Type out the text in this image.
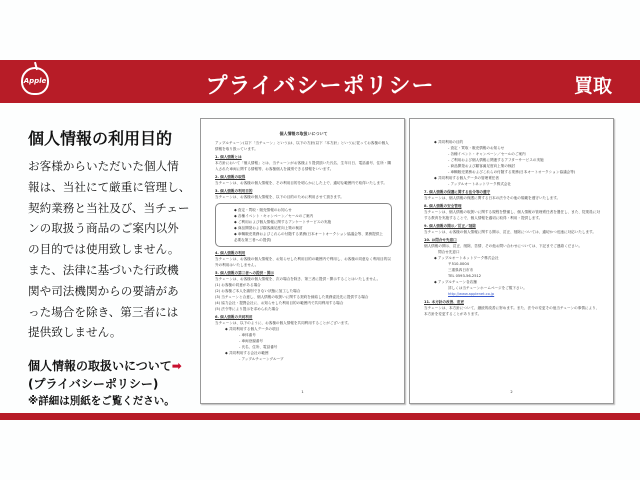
Apple	プライバシーポリシー	買取
個人情報の利用目的
お客様からいただいた個人情
報は、当社にて厳重に管理し、
契約業務と当社及び、当チェー
ンの取扱う商品のご案内以外
の目的では使用致しません。
また、法律に基づいた行政機
関や司法機関からの要請があ
った場合を除き、第三者には
提供致しません。
個人情報の取扱いについて➡
(プライバシーポリシー)
※詳細は別紙をご覧ください。
個人情報の取扱いについて
アップルチェーン(以下「当チェーン」という)は、以下の方針(以下「本方針」という)に従ってお客様の個人情報を取り扱っています。
1. 個人情報とは
本方針において「個人情報」とは、当チェーンがお客様より提供頂いた氏名、生年月日、電話番号、住所・購入された車両に関する情報等、お客様個人を識別できる情報をいいます。
2. 個人情報の取得
当チェーンは、お客様の個人情報を、その利用目的を明らかにした上で、適切な範囲内で取得いたします。
3. 個人情報の利用目的
当チェーンは、お客様の個人情報を、以下の目的のために利用させて頂きます。
◆ 査定・買取・販売情報のお知らせ
◆ 各種イベント・キャンペーン／セールのご案内
◆ ご利用および個人情報に関するアンケートサービスの実施
◆ 商品開発および顧客満足度向上策の検討
◆ 車輌販売業務およびこれらの付随する業務(日本オートオークション協議会等、業務提供上必要な第三者への提供)
4. 個人情報の利用
当チェーンは、お客様の個人情報を、お知らせした利用目的の範囲内で利用し、お客様の同意なく利用目的以外の利用はいたしません。
5. 個人情報の第三者への提供・開示
当チェーンは、お客様の個人情報を、次の場合を除き、第三者に提供・開示することはいたしません。
(1) お客様の同意がある場合
(2) お客様ご本人を識別できない状態に加工した場合
(3) 当チェーンと合意し、個人情報の取扱いに関する契約を締結した業務委託先に提供する場合
(4) 協力会社・提携会社に、お知らせした利用目的の範囲内で共同利用する場合
(5) 法令等により提示を求められた場合
6. 個人情報の共同利用
当チェーンは、以下のように、お客様の個人情報を共同利用することがございます。
◆ 共同利用する個人データの項目
- 車体番号
- 車両登録番号
- 氏名、住所、電話番号
◆ 共同利用する会社の範囲
- アップルチェーングループ
1
◆ 共同利用の目的
- 査定・買取・販売情報のお知らせ
- 各種イベント・キャンペーン／セールのご案内
- ご利用および個人情報に関連するアフターサービスの実施
- 商品開発および顧客満足度向上策の検討
- 車輌販売業務およびこれらの付随する業務(日本オートオークション協議会等)
◆ 共同利用する個人データの管理責任者
- アップルオートネットワーク株式会社
7. 個人情報の保護に関する法令等の遵守
当チェーンは、個人情報の保護に関する日本の法令その他の規範を遵守いたします。
8. 個人情報の安全管理
当チェーンは、個人情報の取扱いに関する規程を整備し、個人情報の管理責任者を選任し、また、従業員に対する教育を実施することで、個人情報を適切に取得・利用・提供します。
9. 個人情報の開示／訂正／削除
当チェーンは、お客様の個人情報に関する開示、訂正、削除については、適切かつ迅速に対応いたします。
10. お問合せ先窓口
個人情報の開示、訂正、削除、苦情、その他お問い合わせについては、下記までご連絡ください。
問合せ先窓口
◆ アップルオートネットワーク株式会社
〒510-0004
三重県四日市市
TEL 0593-56-2512
◆ アップルチェーン各店舗
詳しくは当チェーンホームページをご覧下さい。
http://www.applenet.co.jp
11. 本方針の改善、変更
当チェーンは、本方針について、継続的改善に努めます。また、法令の変更その他当チェーンの事情により、本方針を変更することがあります。
2
